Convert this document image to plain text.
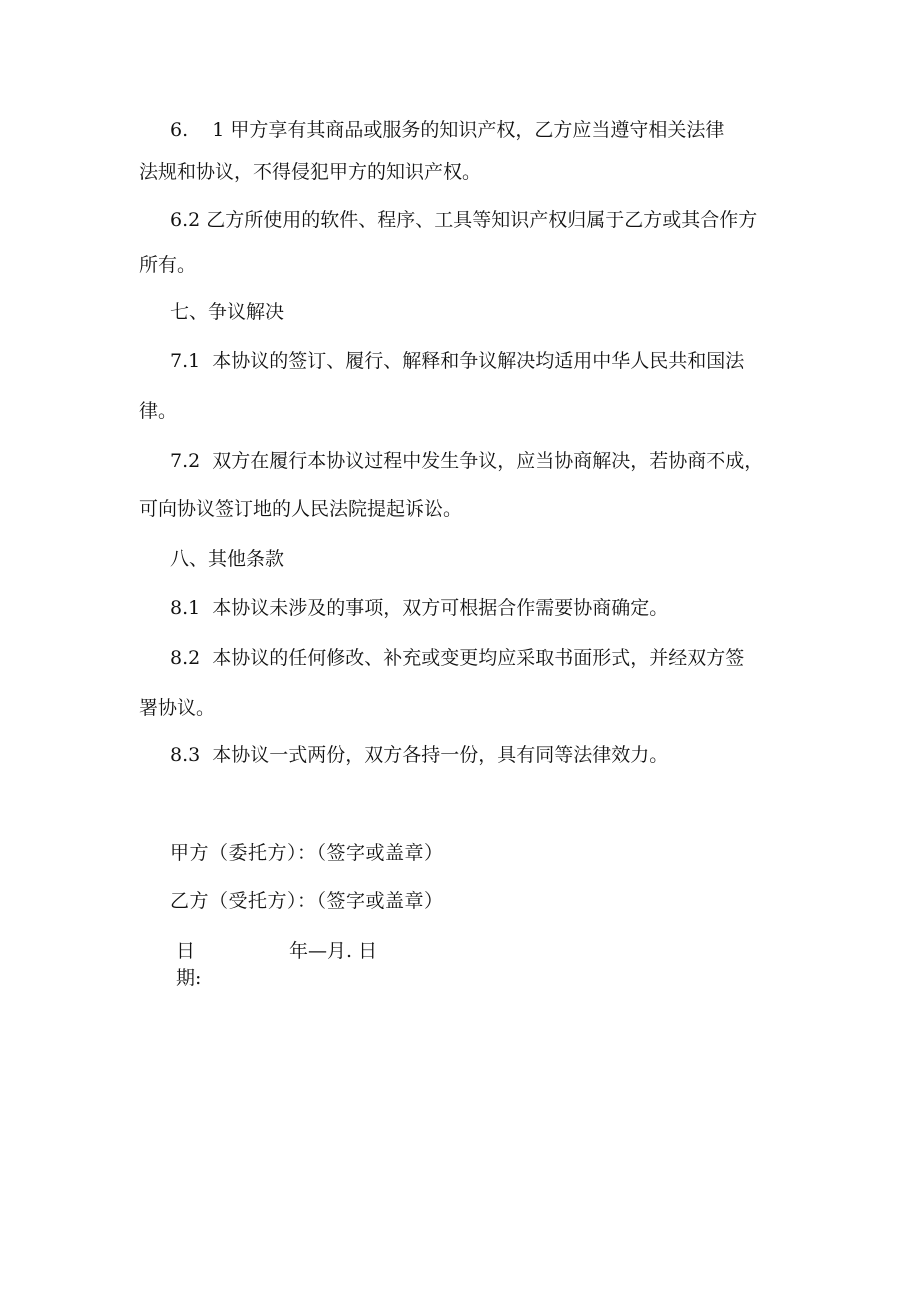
6.    1 甲方享有其商品或服务的知识产权，乙方应当遵守相关法律

法规和协议，不得侵犯甲方的知识产权。

6.2 乙方所使用的软件、程序、工具等知识产权归属于乙方或其合作方

所有。

七、争议解决

7.1  本协议的签订、履行、解释和争议解决均适用中华人民共和国法

律。

7.2  双方在履行本协议过程中发生争议，应当协商解决，若协商不成，

可向协议签订地的人民法院提起诉讼。

八、其他条款

8.1  本协议未涉及的事项，双方可根据合作需要协商确定。

8.2  本协议的任何修改、补充或变更均应采取书面形式，并经双方签

署协议。

8.3  本协议一式两份，双方各持一份，具有同等法律效力。

甲方（委托方）：（签字或盖章）

乙方（受托方）：（签字或盖章）

日

期:

年—月. 日
